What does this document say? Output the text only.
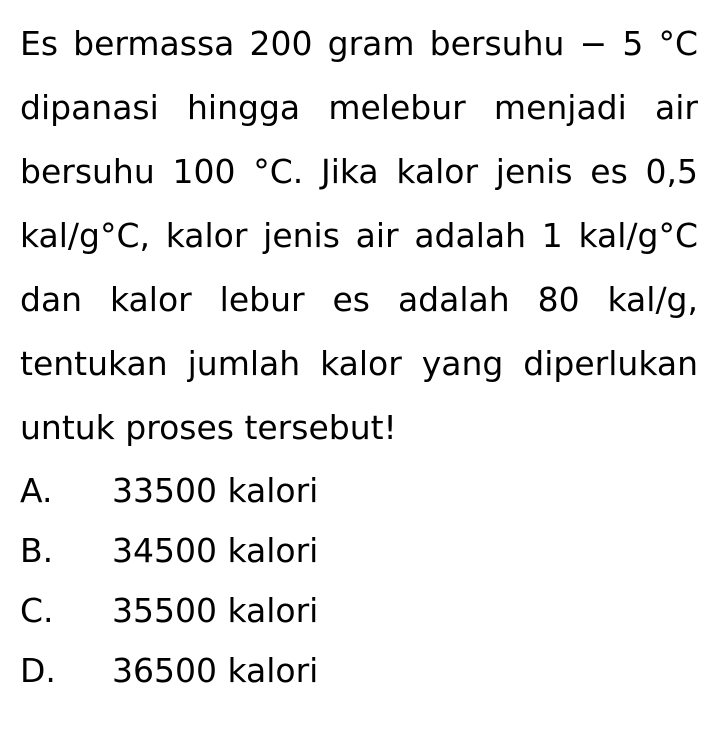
Es bermassa 200 gram bersuhu − 5 °C dipanasi hingga melebur menjadi air bersuhu 100 °C. Jika kalor jenis es 0,5 kal/g°C, kalor jenis air adalah 1 kal/g°C dan kalor lebur es adalah 80 kal/g, tentukan jumlah kalor yang diperlukan untuk proses tersebut!

A.	33500 kalori
B.	34500 kalori
C.	35500 kalori
D.	36500 kalori
